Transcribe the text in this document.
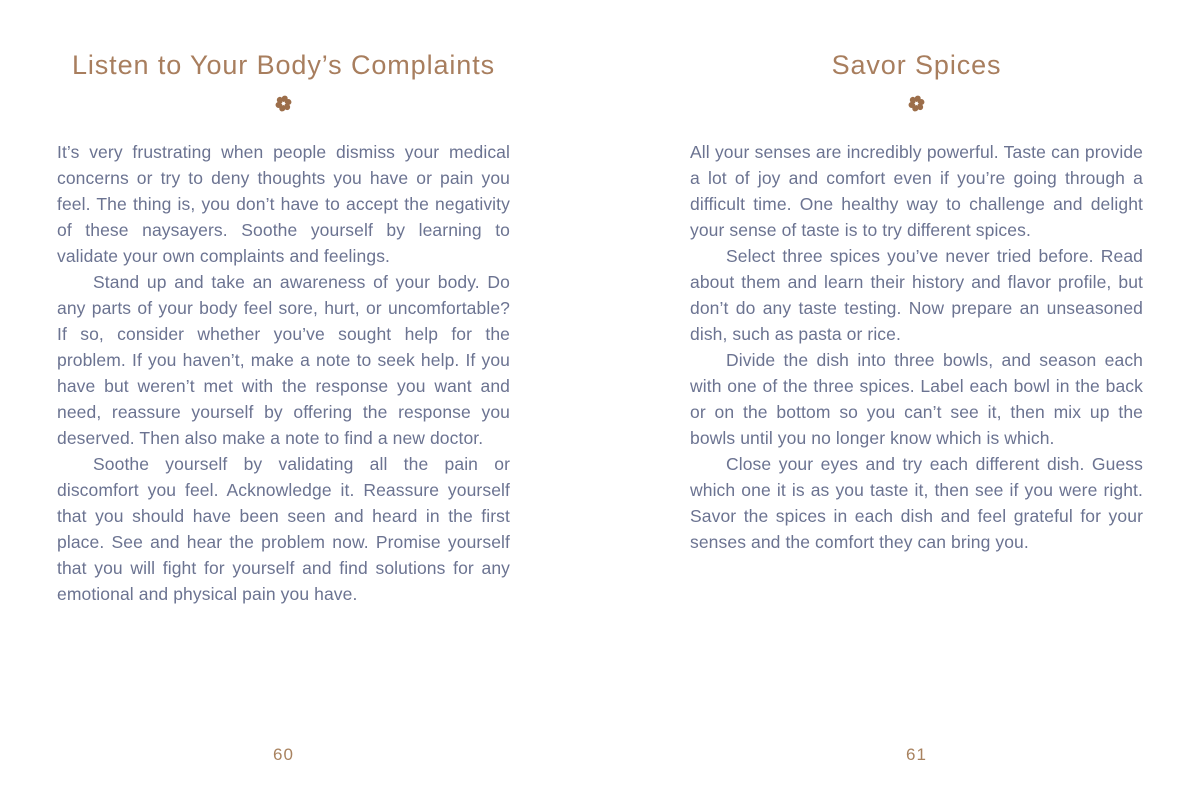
Listen to Your Body’s Complaints

It’s very frustrating when people dismiss your medical concerns or try to deny thoughts you have or pain you feel. The thing is, you don’t have to accept the negativity of these naysayers. Soothe yourself by learning to validate your own complaints and feelings.

Stand up and take an awareness of your body. Do any parts of your body feel sore, hurt, or uncomfortable? If so, consider whether you’ve sought help for the problem. If you haven’t, make a note to seek help. If you have but weren’t met with the response you want and need, reassure yourself by offering the response you deserved. Then also make a note to find a new doctor.

Soothe yourself by validating all the pain or discomfort you feel. Acknowledge it. Reassure yourself that you should have been seen and heard in the first place. See and hear the problem now. Promise yourself that you will fight for yourself and find solutions for any emotional and physical pain you have.

60
Savor Spices

All your senses are incredibly powerful. Taste can provide a lot of joy and comfort even if you’re going through a difficult time. One healthy way to challenge and delight your sense of taste is to try different spices.

Select three spices you’ve never tried before. Read about them and learn their history and flavor profile, but don’t do any taste testing. Now prepare an unseasoned dish, such as pasta or rice.

Divide the dish into three bowls, and season each with one of the three spices. Label each bowl in the back or on the bottom so you can’t see it, then mix up the bowls until you no longer know which is which.

Close your eyes and try each different dish. Guess which one it is as you taste it, then see if you were right. Savor the spices in each dish and feel grateful for your senses and the comfort they can bring you.

61
